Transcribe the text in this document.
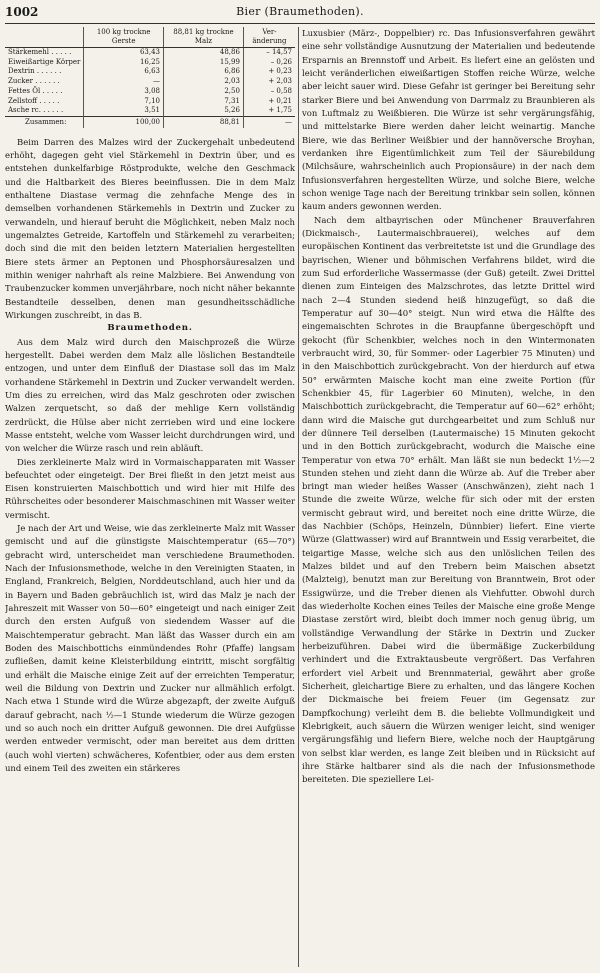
1002	Bier (Braumethoden).
	100 kg trockne Gerste	88,81 kg trockne Malz	Ver-änderung
Stärkemehl . . . . .	63,43	48,86	– 14,57
Eiweißartige Körper	16,25	15,99	– 0,26
Dextrin . . . . . .	6,63	6,86	+ 0,23
Zucker . . . . . .	—	2,03	+ 2,03
Fettes Öl . . . . .	3,08	2,50	– 0,58
Zellstoff . . . . .	7,10	7,31	+ 0,21
Asche rc. . . . . .	3,51	5,26	+ 1,75
Zusammen:	100,00	88,81	—

Beim Darren des Malzes wird der Zuckergehalt unbedeutend erhöht, dagegen geht viel Stärkemehl in Dextrin über, und es entstehen dunkelfarbige Röstprodukte, welche den Geschmack und die Haltbarkeit des Bieres beeinflussen. Die in dem Malz enthaltene Diastase vermag die zehnfache Menge des in demselben vorhandenen Stärkemehls in Dextrin und Zucker zu verwandeln, und hierauf beruht die Möglichkeit, neben Malz noch ungemalztes Getreide, Kartoffeln und Stärkemehl zu verarbeiten; doch sind die mit den beiden letztern Materialien hergestellten Biere stets ärmer an Peptonen und Phosphorsäuresalzen und mithin weniger nahrhaft als reine Malzbiere. Bei Anwendung von Traubenzucker kommen unverjährbare, noch nicht näher bekannte Bestandteile desselben, denen man gesundheitsschädliche Wirkungen zuschreibt, in das B.

Braumethoden.

Aus dem Malz wird durch den Maischprozeß die Würze hergestellt. Dabei werden dem Malz alle löslichen Bestandteile entzogen, und unter dem Einfluß der Diastase soll das im Malz vorhandene Stärkemehl in Dextrin und Zucker verwandelt werden. Um dies zu erreichen, wird das Malz geschroten oder zwischen Walzen zerquetscht, so daß der mehlige Kern vollständig zerdrückt, die Hülse aber nicht zerrieben wird und eine lockere Masse entsteht, welche vom Wasser leicht durchdrungen wird, und von welcher die Würze rasch und rein abläuft.

Dies zerkleinerte Malz wird in Vormaischapparaten mit Wasser befeuchtet oder eingeteigt. Der Brei fließt in den jetzt meist aus Eisen konstruierten Maischbottich und wird hier mit Hilfe des Rührscheites oder besonderer Maischmaschinen mit Wasser weiter vermischt.

Je nach der Art und Weise, wie das zerkleinerte Malz mit Wasser gemischt und auf die günstigste Maischtemperatur (65—70°) gebracht wird, unterscheidet man verschiedene Braumethoden. Nach der Infusionsmethode, welche in den Vereinigten Staaten, in England, Frankreich, Belgien, Norddeutschland, auch hier und da in Bayern und Baden gebräuchlich ist, wird das Malz je nach der Jahreszeit mit Wasser von 50—60° eingeteigt und nach einiger Zeit durch den ersten Aufguß von siedendem Wasser auf die Maischtemperatur gebracht. Man läßt das Wasser durch ein am Boden des Maischbottichs einmündendes Rohr (Pfaffe) langsam zufließen, damit keine Kleisterbildung eintritt, mischt sorgfältig und erhält die Maische einige Zeit auf der erreichten Temperatur, weil die Bildung von Dextrin und Zucker nur allmählich erfolgt. Nach etwa 1 Stunde wird die Würze abgezapft, der zweite Aufguß darauf gebracht, nach ½—1 Stunde wiederum die Würze gezogen und so auch noch ein dritter Aufguß gewonnen. Die drei Aufgüsse werden entweder vermischt, oder man bereitet aus dem dritten (auch wohl vierten) schwächeres, Kofentbier, oder aus dem ersten und einem Teil des zweiten ein stärkeres

Luxusbier (März-, Doppelbier) rc. Das Infusionsverfahren gewährt eine sehr vollständige Ausnutzung der Materialien und bedeutende Ersparnis an Brennstoff und Arbeit. Es liefert eine an gelösten und leicht veränderlichen eiweißartigen Stoffen reiche Würze, welche aber leicht sauer wird. Diese Gefahr ist geringer bei Bereitung sehr starker Biere und bei Anwendung von Darrmalz zu Braunbieren als von Luftmalz zu Weißbieren. Die Würze ist sehr vergärungsfähig, und mittelstarke Biere werden daher leicht weinartig. Manche Biere, wie das Berliner Weißbier und der hannöversche Broyhan, verdanken ihre Eigentümlichkeit zum Teil der Säurebildung (Milchsäure, wahrscheinlich auch Propionsäure) in der nach dem Infusionsverfahren hergestellten Würze, und solche Biere, welche schon wenige Tage nach der Bereitung trinkbar sein sollen, können kaum anders gewonnen werden.

Nach dem altbayrischen oder Münchener Brauverfahren (Dickmaisch-, Lautermaischbrauerei), welches auf dem europäischen Kontinent das verbreitetste ist und die Grundlage des bayrischen, Wiener und böhmischen Verfahrens bildet, wird die zum Sud erforderliche Wassermasse (der Guß) geteilt. Zwei Drittel dienen zum Einteigen des Malzschrotes, das letzte Drittel wird nach 2—4 Stunden siedend heiß hinzugefügt, so daß die Temperatur auf 30—40° steigt. Nun wird etwa die Hälfte des eingemaischten Schrotes in die Braupfanne übergeschöpft und gekocht (für Schenkbier, welches noch in den Wintermonaten verbraucht wird, 30, für Sommer- oder Lagerbier 75 Minuten) und in den Maischbottich zurückgebracht. Von der hierdurch auf etwa 50° erwärmten Maische kocht man eine zweite Portion (für Schenkbier 45, für Lagerbier 60 Minuten), welche, in den Maischbottich zurückgebracht, die Temperatur auf 60—62° erhöht; dann wird die Maische gut durchgearbeitet und zum Schluß nur der dünnere Teil derselben (Lautermaische) 15 Minuten gekocht und in den Bottich zurückgebracht, wodurch die Maische eine Temperatur von etwa 70° erhält. Man läßt sie nun bedeckt 1½—2 Stunden stehen und zieht dann die Würze ab. Auf die Treber aber bringt man wieder heißes Wasser (Anschwänzen), zieht nach 1 Stunde die zweite Würze, welche für sich oder mit der ersten vermischt gebraut wird, und bereitet noch eine dritte Würze, die das Nachbier (Schöps, Heinzeln, Dünnbier) liefert. Eine vierte Würze (Glattwasser) wird auf Branntwein und Essig verarbeitet, die teigartige Masse, welche sich aus den unlöslichen Teilen des Malzes bildet und auf den Trebern beim Maischen absetzt (Malzteig), benutzt man zur Bereitung von Branntwein, Brot oder Essigwürze, und die Treber dienen als Viehfutter. Obwohl durch das wiederholte Kochen eines Teiles der Maische eine große Menge Diastase zerstört wird, bleibt doch immer noch genug übrig, um vollständige Verwandlung der Stärke in Dextrin und Zucker herbeizuführen. Dabei wird die übermäßige Zuckerbildung verhindert und die Extraktausbeute vergrößert. Das Verfahren erfordert viel Arbeit und Brennmaterial, gewährt aber große Sicherheit, gleichartige Biere zu erhalten, und das längere Kochen der Dickmaische bei freiem Feuer (im Gegensatz zur Dampfkochung) verleiht dem B. die beliebte Vollmundigkeit und Klebrigkeit, auch säuern die Würzen weniger leicht, sind weniger vergärungsfähig und liefern Biere, welche noch der Hauptgärung von selbst klar werden, es lange Zeit bleiben und in Rücksicht auf ihre Stärke haltbarer sind als die nach der Infusionsmethode bereiteten. Die speziellere Lei-
